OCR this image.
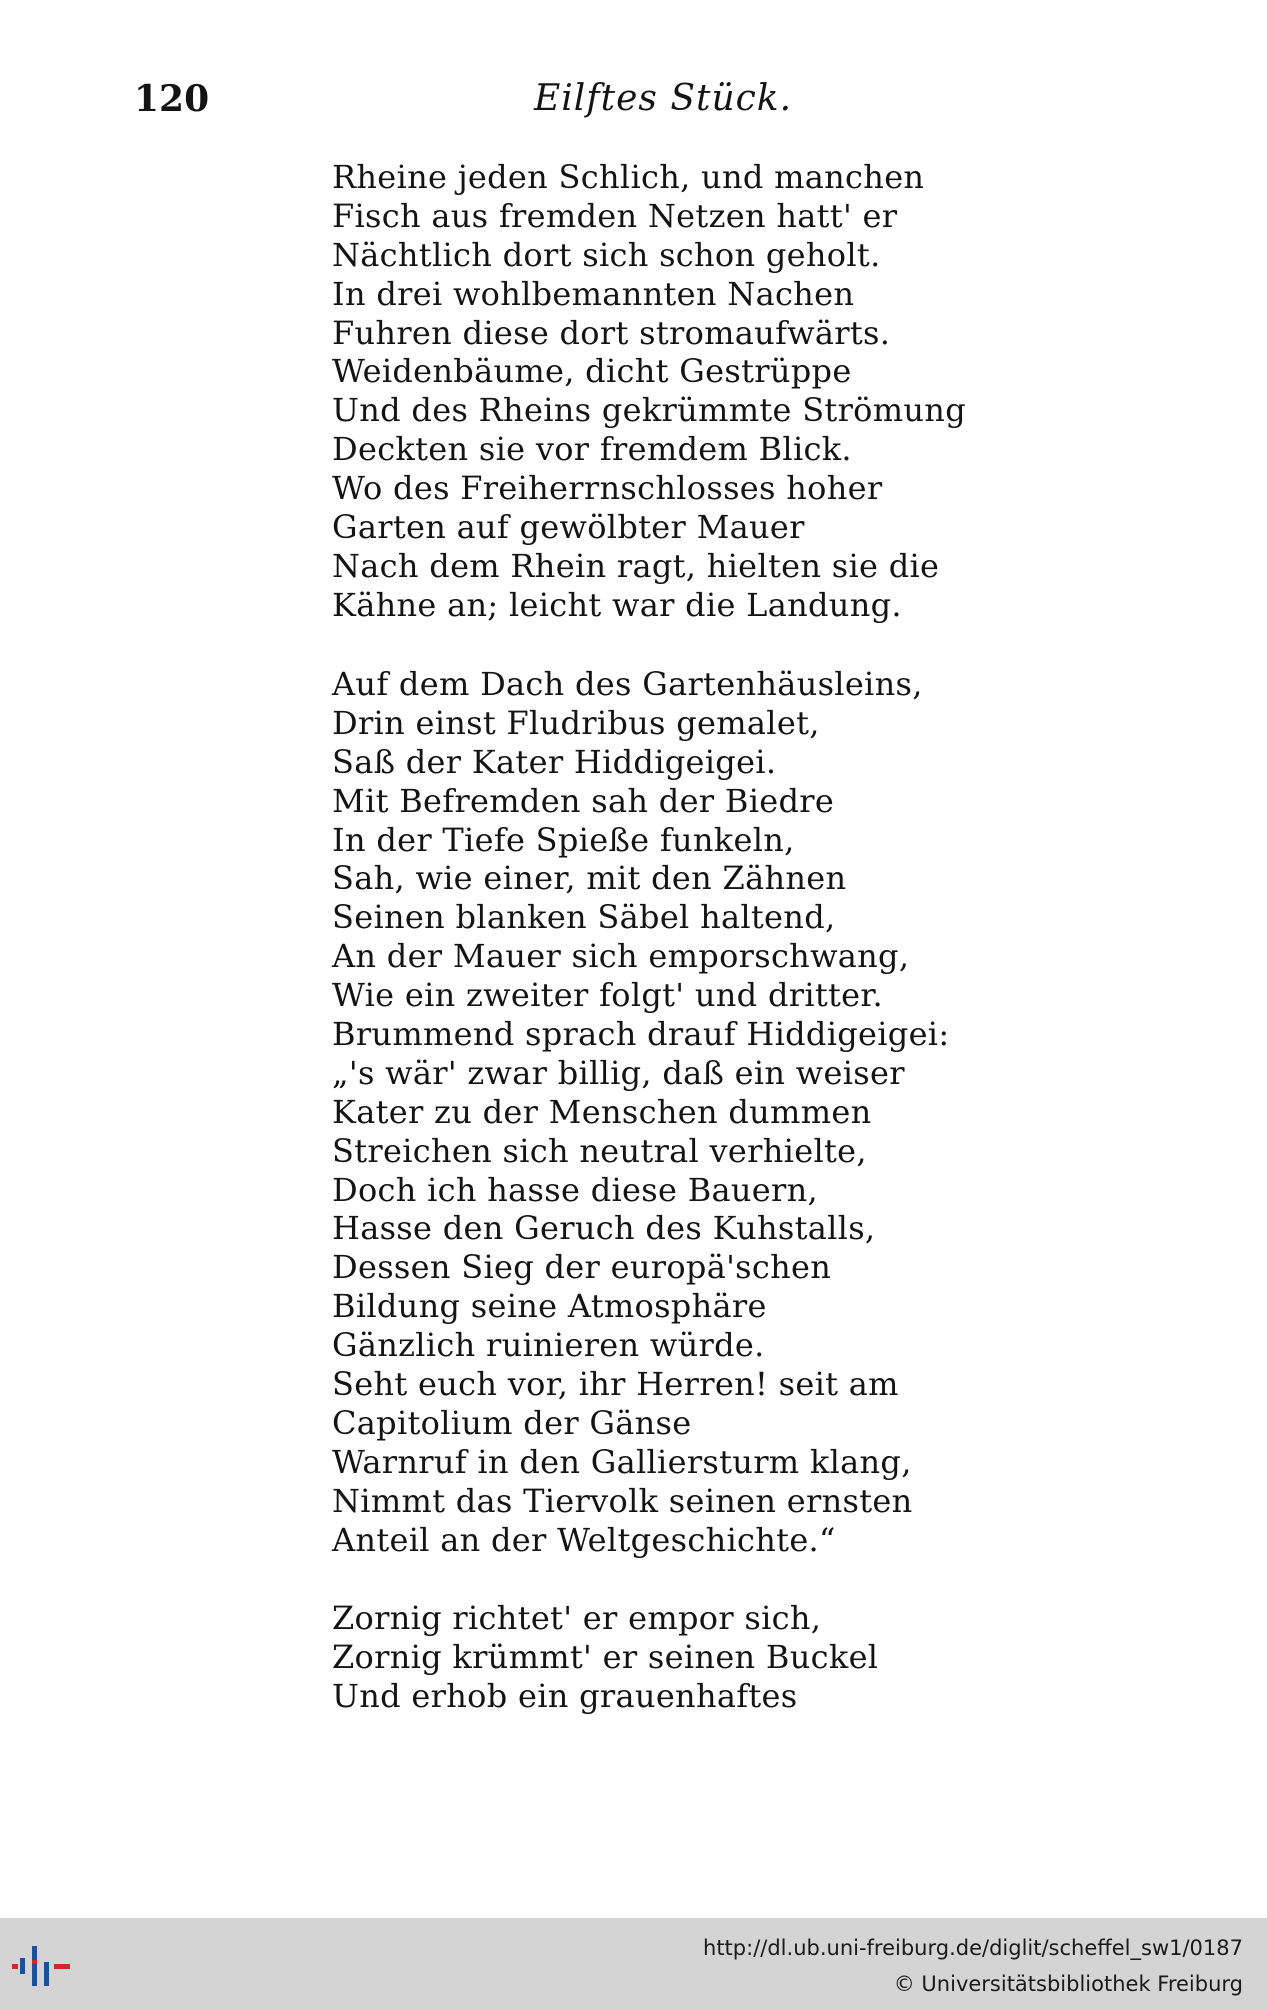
120	Eilftes Stück.
Rheine jeden Schlich, und manchen
Fisch aus fremden Netzen hatt' er
Nächtlich dort sich schon geholt.
In drei wohlbemannten Nachen
Fuhren diese dort stromaufwärts.
Weidenbäume, dicht Gestrüppe
Und des Rheins gekrümmte Strömung
Deckten sie vor fremdem Blick.
Wo des Freiherrnschlosses hoher
Garten auf gewölbter Mauer
Nach dem Rhein ragt, hielten sie die
Kähne an; leicht war die Landung.
Auf dem Dach des Gartenhäusleins,
Drin einst Fludribus gemalet,
Saß der Kater Hiddigeigei.
Mit Befremden sah der Biedre
In der Tiefe Spieße funkeln,
Sah, wie einer, mit den Zähnen
Seinen blanken Säbel haltend,
An der Mauer sich emporschwang,
Wie ein zweiter folgt' und dritter.
Brummend sprach drauf Hiddigeigei:
„'s wär' zwar billig, daß ein weiser
Kater zu der Menschen dummen
Streichen sich neutral verhielte,
Doch ich hasse diese Bauern,
Hasse den Geruch des Kuhstalls,
Dessen Sieg der europä'schen
Bildung seine Atmosphäre
Gänzlich ruinieren würde.
Seht euch vor, ihr Herren! seit am
Capitolium der Gänse
Warnruf in den Galliersturm klang,
Nimmt das Tiervolk seinen ernsten
Anteil an der Weltgeschichte.“
Zornig richtet' er empor sich,
Zornig krümmt' er seinen Buckel
Und erhob ein grauenhaftes
http://dl.ub.uni-freiburg.de/diglit/scheffel_sw1/0187
© Universitätsbibliothek Freiburg
